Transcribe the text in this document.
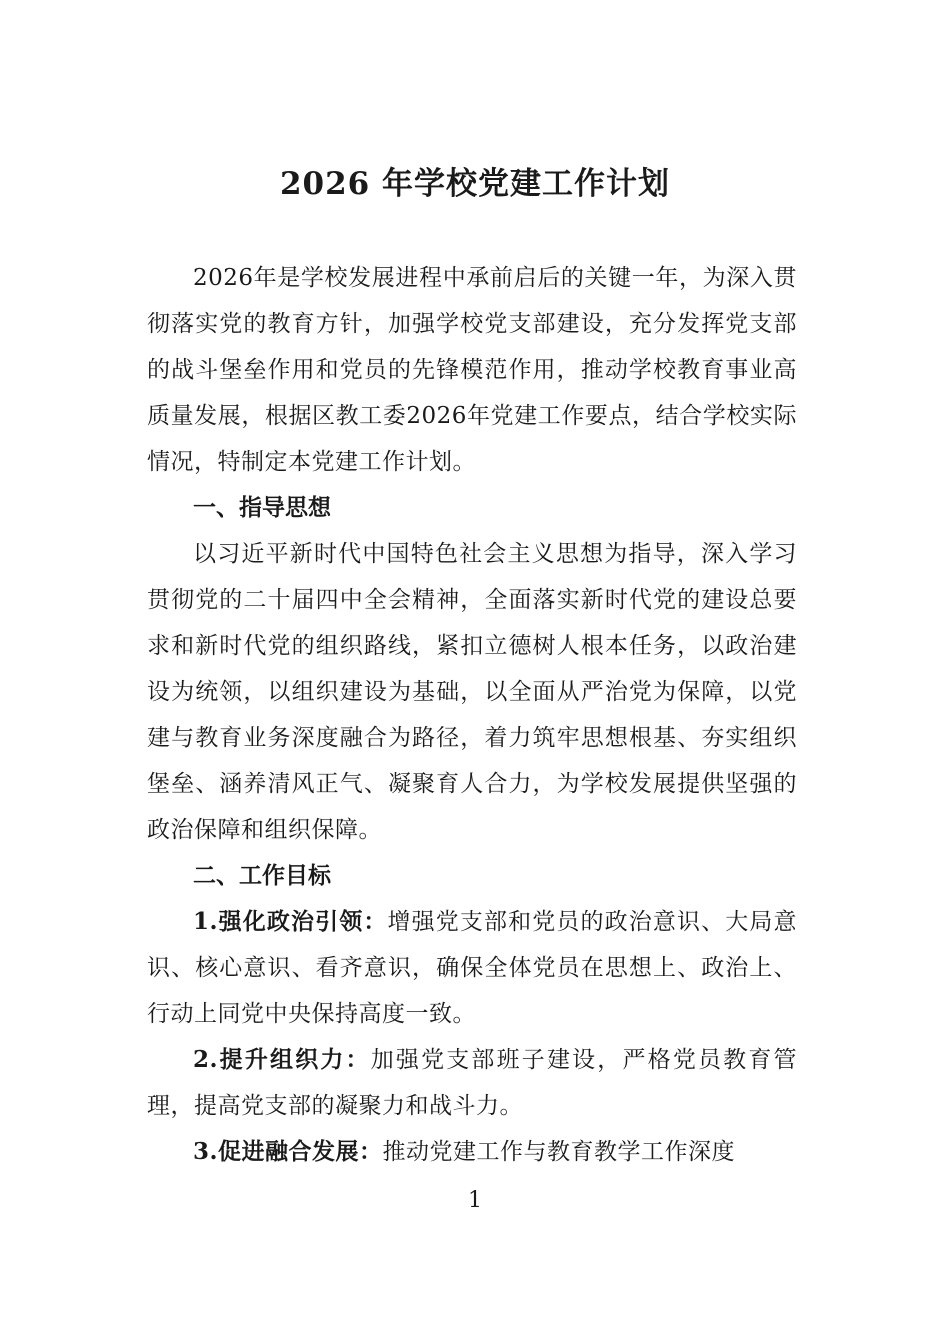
2026 年学校党建工作计划

2026年是学校发展进程中承前启后的关键一年，为深入贯彻落实党的教育方针，加强学校党支部建设，充分发挥党支部的战斗堡垒作用和党员的先锋模范作用，推动学校教育事业高质量发展，根据区教工委2026年党建工作要点，结合学校实际情况，特制定本党建工作计划。

一、指导思想

以习近平新时代中国特色社会主义思想为指导，深入学习贯彻党的二十届四中全会精神，全面落实新时代党的建设总要求和新时代党的组织路线，紧扣立德树人根本任务，以政治建设为统领，以组织建设为基础，以全面从严治党为保障，以党建与教育业务深度融合为路径，着力筑牢思想根基、夯实组织堡垒、涵养清风正气、凝聚育人合力，为学校发展提供坚强的政治保障和组织保障。

二、工作目标

1.强化政治引领：增强党支部和党员的政治意识、大局意识、核心意识、看齐意识，确保全体党员在思想上、政治上、行动上同党中央保持高度一致。

2.提升组织力：加强党支部班子建设，严格党员教育管理，提高党支部的凝聚力和战斗力。

3.促进融合发展：推动党建工作与教育教学工作深度

1
